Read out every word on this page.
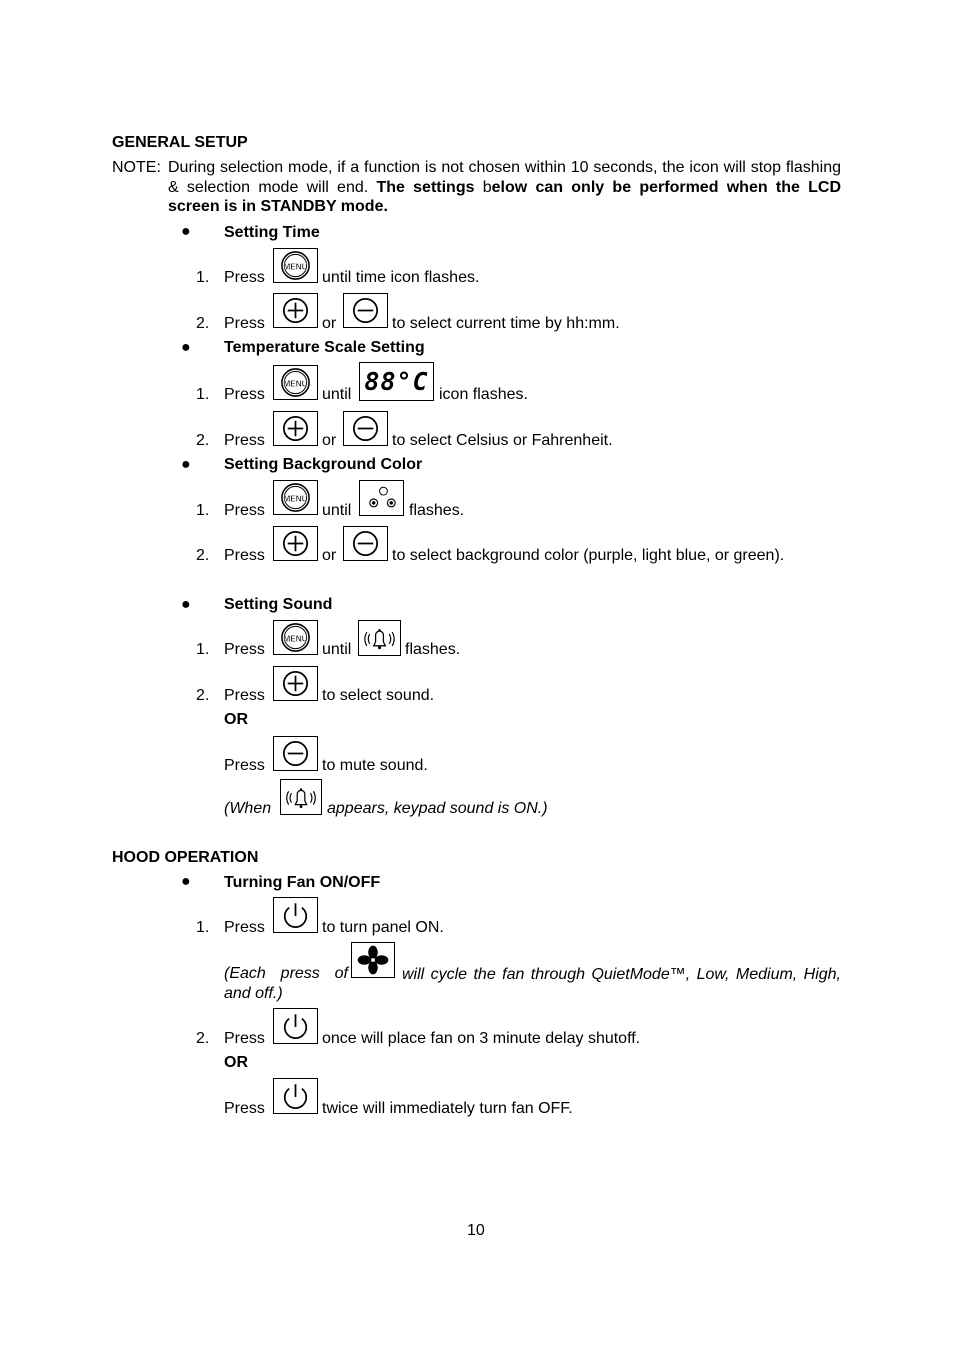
GENERAL SETUP
NOTE: During selection mode, if a function is not chosen within 10 seconds, the icon will stop flashing & selection mode will end. The settings below can only be performed when the LCD screen is in STANDBY mode.
● Setting Time
1. Press	until time icon flashes.
2. Press	or	to select current time by hh:mm.
● Temperature Scale Setting
1. Press	until 88°C icon flashes.
2. Press	or	to select Celsius or Fahrenheit.
● Setting Background Color
1. Press	until	flashes.
2. Press	or	to select background color (purple, light blue, or green).
● Setting Sound
1. Press	until	flashes.
2. Press	to select sound.
OR
Press	to mute sound.
(When	appears, keypad sound is ON.)
HOOD OPERATION
● Turning Fan ON/OFF
1. Press	to turn panel ON.
(Each press of	will cycle the fan through QuietMode™, Low, Medium, High, and off.)
2. Press	once will place fan on 3 minute delay shutoff.
OR
Press	twice will immediately turn fan OFF.
10
